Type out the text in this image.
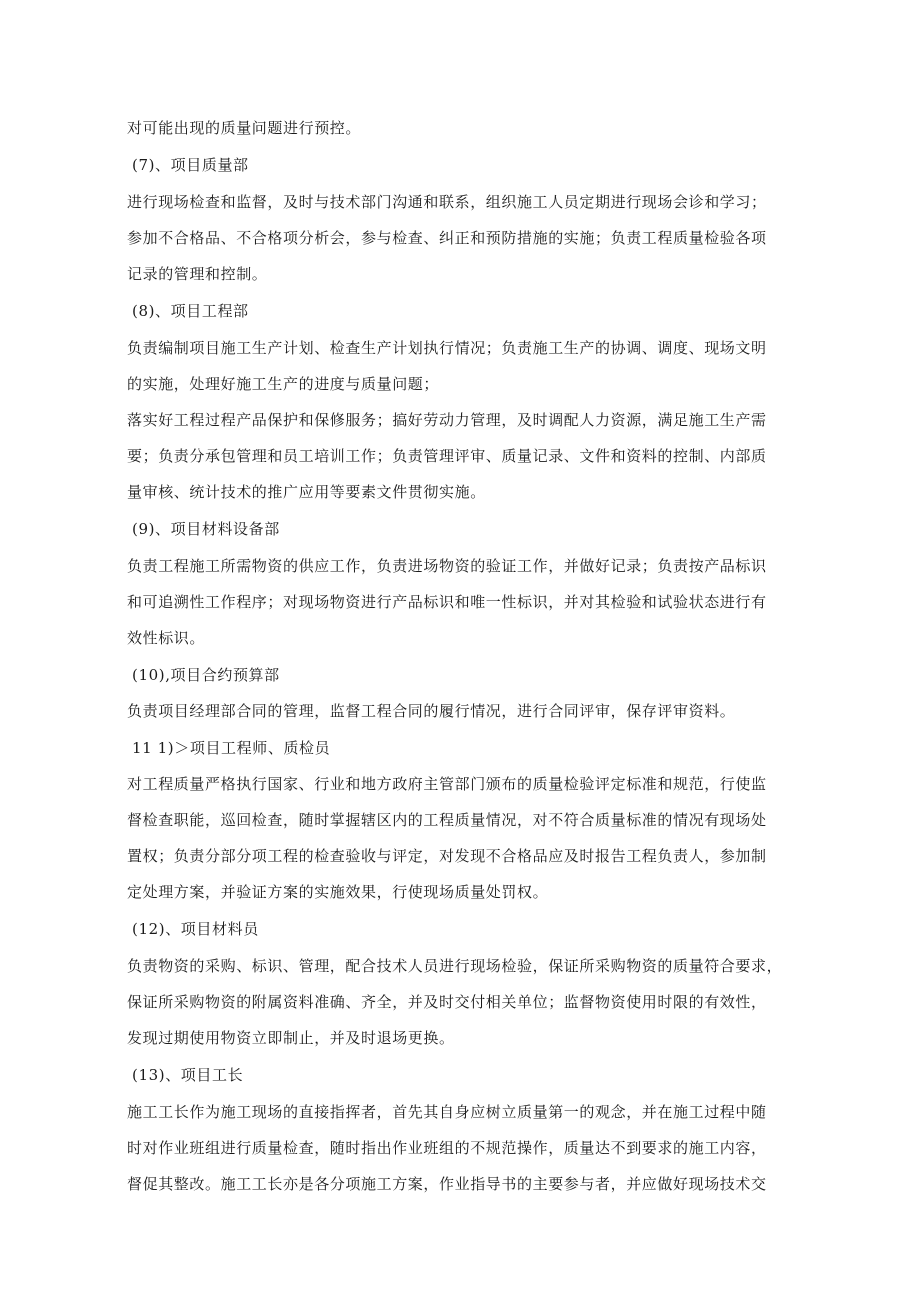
对可能出现的质量问题进行预控。
(7)、项目质量部
进行现场检查和监督，及时与技术部门沟通和联系，组织施工人员定期进行现场会诊和学习；
参加不合格品、不合格项分析会，参与检查、纠正和预防措施的实施；负责工程质量检验各项
记录的管理和控制。
(8)、项目工程部
负责编制项目施工生产计划、检查生产计划执行情况；负责施工生产的协调、调度、现场文明
的实施，处理好施工生产的进度与质量问题；
落实好工程过程产品保护和保修服务；搞好劳动力管理，及时调配人力资源，满足施工生产需
要；负责分承包管理和员工培训工作；负责管理评审、质量记录、文件和资料的控制、内部质
量审核、统计技术的推广应用等要素文件贯彻实施。
(9)、项目材料设备部
负责工程施工所需物资的供应工作，负责进场物资的验证工作，并做好记录；负责按产品标识
和可追溯性工作程序；对现场物资进行产品标识和唯一性标识，并对其检验和试验状态进行有
效性标识。
(10),项目合约预算部
负责项目经理部合同的管理，监督工程合同的履行情况，进行合同评审，保存评审资料。
11 1)＞项目工程师、质检员
对工程质量严格执行国家、行业和地方政府主管部门颁布的质量检验评定标准和规范，行使监
督检查职能，巡回检查，随时掌握辖区内的工程质量情况，对不符合质量标准的情况有现场处
置权；负责分部分项工程的检查验收与评定，对发现不合格品应及时报告工程负责人，参加制
定处理方案，并验证方案的实施效果，行使现场质量处罚权。
(12)、项目材料员
负责物资的采购、标识、管理，配合技术人员进行现场检验，保证所采购物资的质量符合要求，
保证所采购物资的附属资料准确、齐全，并及时交付相关单位；监督物资使用时限的有效性，
发现过期使用物资立即制止，并及时退场更换。
(13)、项目工长
施工工长作为施工现场的直接指挥者，首先其自身应树立质量第一的观念，并在施工过程中随
时对作业班组进行质量检查，随时指出作业班组的不规范操作，质量达不到要求的施工内容，
督促其整改。施工工长亦是各分项施工方案，作业指导书的主要参与者，并应做好现场技术交
